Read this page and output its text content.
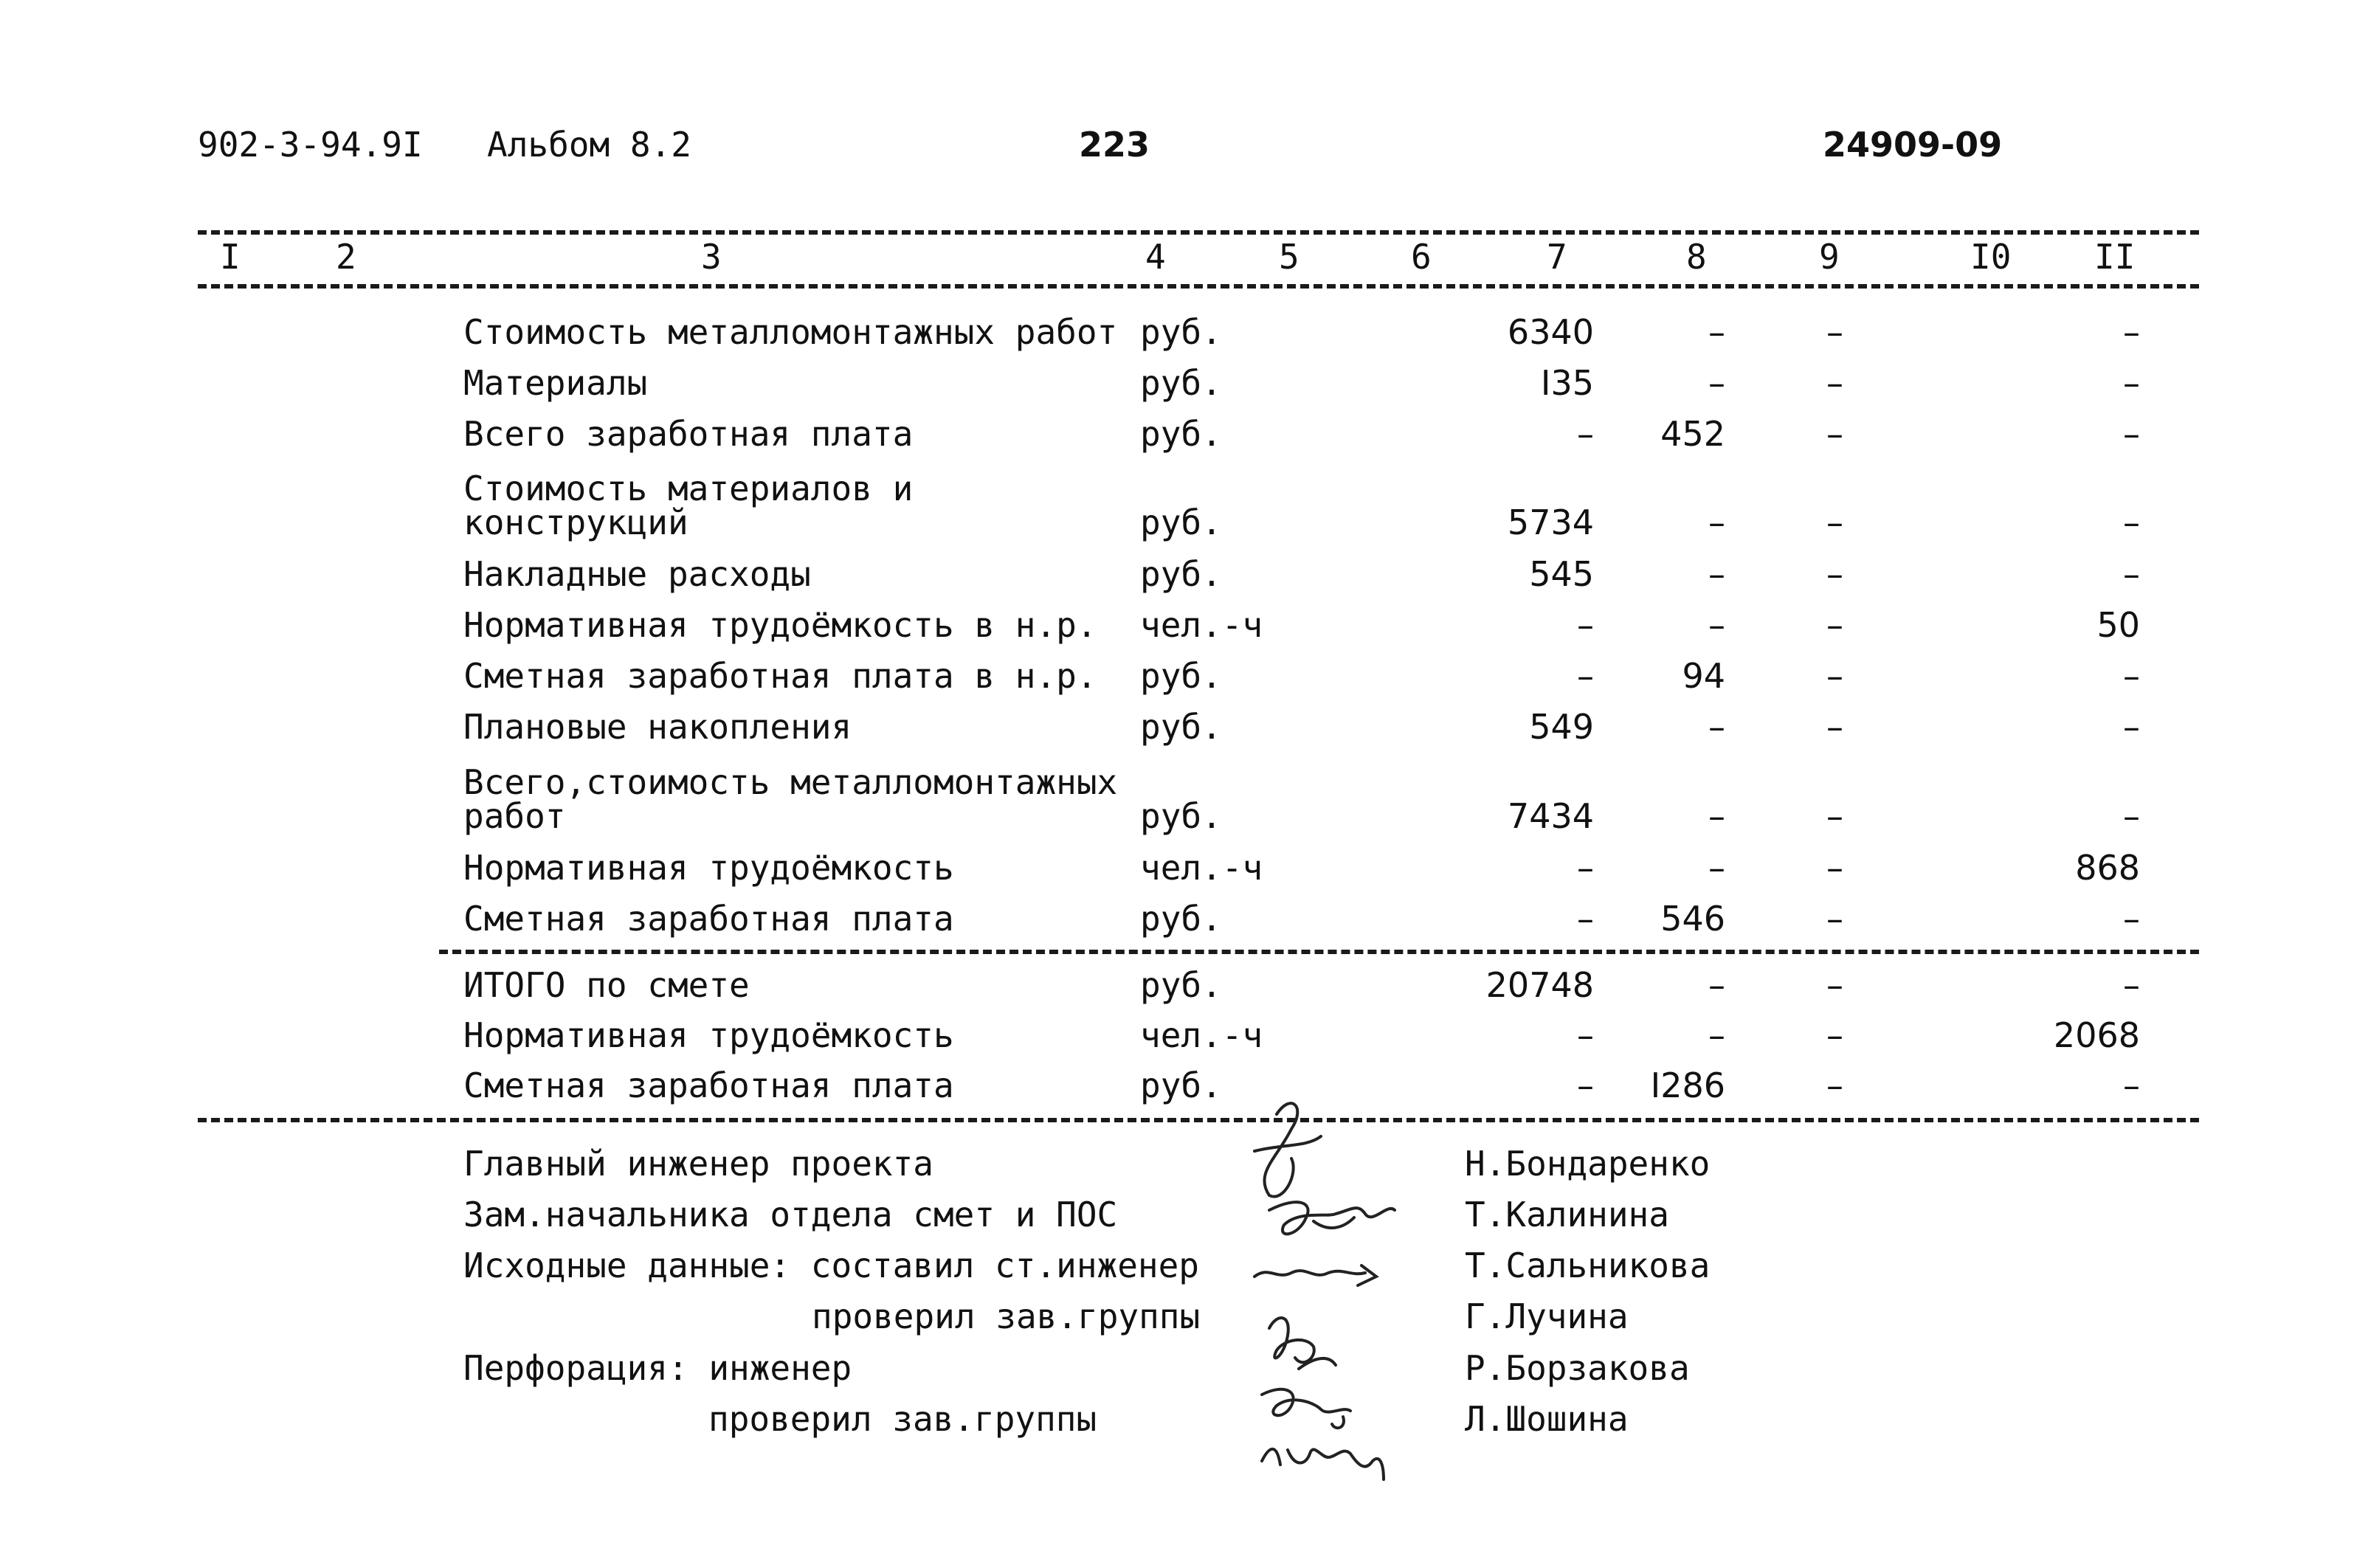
902-3-94.9I Альбом 8.2	223	24909-09
I	2	3	4	5	6	7	8	9	I0 II
Стоимость металломонтажных работ руб.	6340	–	–	–
Материалы	руб.	I35	–	–	–
Всего заработная плата	руб.	– 452	–	–
Стоимость материалов и
конструкций	руб.	5734	–	–	–
Накладные расходы	руб.	545	–	–	–
Нормативная трудоёмкость в н.р. чел.-ч	–	–	–	50
Сметная заработная плата в н.р. руб.	–	94	–	–
Плановые накопления	руб.	549	–	–	–
Всего,стоимость металломонтажных
работ	руб.	7434	–	–	–
Нормативная трудоёмкость	чел.-ч	–	–	–	868
Сметная заработная плата	руб.	– 546	–	–
ИТОГО по смете	руб.	20748	–	–	–
Нормативная трудоёмкость	чел.-ч	–	–	–	2068
Сметная заработная плата	руб.	– I286	–	–
Главный инженер проекта	Н.Бондаренко
Зам.начальника отдела смет и ПОС	Т.Калинина
Исходные данные: составил ст.инженер	Т.Сальникова
проверил зав.группы	Г.Лучина
Перфорация: инженер	Р.Борзакова
проверил зав.группы	Л.Шошина
